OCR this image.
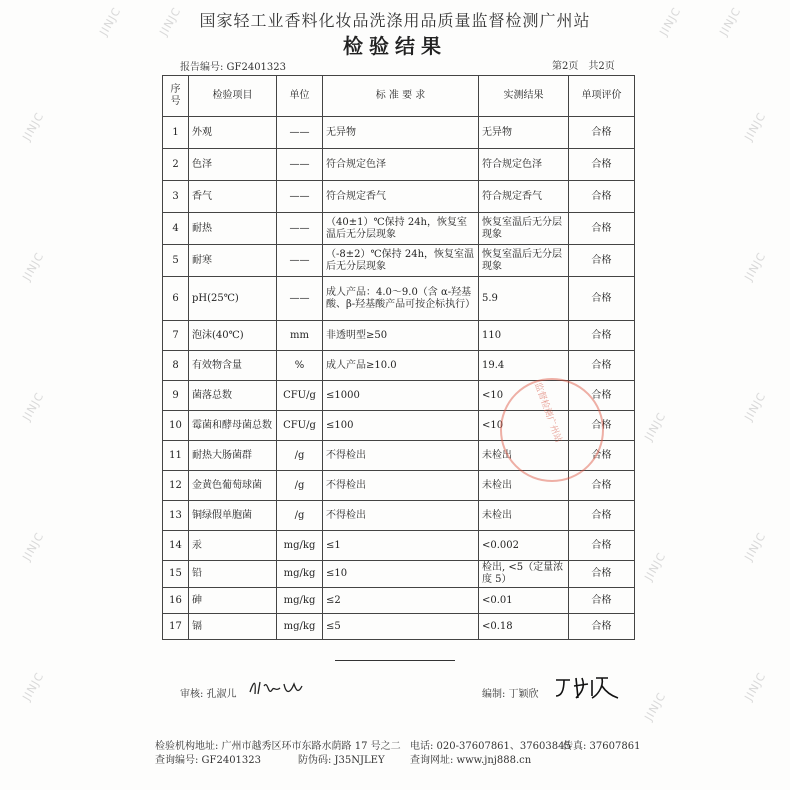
JINJC	JINJC	JINJC	JINJC
JINJC
JINJC
JINJC
JINJC
JINJC
JINJC
JINJC
JINJC
JINJC
JINJC
JINJC
JINJC
JINJC
国家轻工业香料化妆品洗涤用品质量监督检测广州站
检验结果
报告编号: GF2401323	第2页　共2页
序号	检验项目	单位	标 准 要 求	实测结果	单项评价
1	外观	——	无异物	无异物	合格
2	色泽	——	符合规定色泽	符合规定色泽	合格
3	香气	——	符合规定香气	符合规定香气	合格
4	耐热	——	（40±1）℃保持 24h，恢复室温后无分层现象	恢复室温后无分层现象	合格
5	耐寒	——	（-8±2）℃保持 24h，恢复室温后无分层现象	恢复室温后无分层现象	合格
6	pH(25℃)	——	成人产品：4.0～9.0（含 α-羟基酸、β-羟基酸产品可按企标执行）	5.9	合格
7	泡沫(40℃)	mm	非透明型≥50	110	合格
8	有效物含量	%	成人产品≥10.0	19.4	合格
9	菌落总数	CFU/g	≤1000	<10	合格
10	霉菌和酵母菌总数	CFU/g	≤100	<10	合格
11	耐热大肠菌群	/g	不得检出	未检出	合格
12	金黄色葡萄球菌	/g	不得检出	未检出	合格
13	铜绿假单胞菌	/g	不得检出	未检出	合格
14	汞	mg/kg	≤1	<0.002	合格
15	铅	mg/kg	≤10	检出, <5（定量浓度 5）	合格
16	砷	mg/kg	≤2	<0.01	合格
17	镉	mg/kg	≤5	<0.18	合格
监督检测广州站
审核: 孔淑儿	编制: 丁颖欣
检验机构地址: 广州市越秀区环市东路水荫路 17 号之二 电话: 020-37607861、37603845
传真: 37607861
查询编号: GF2401323	防伪码: J35NJLEY	查询网址: www.jnj888.cn
